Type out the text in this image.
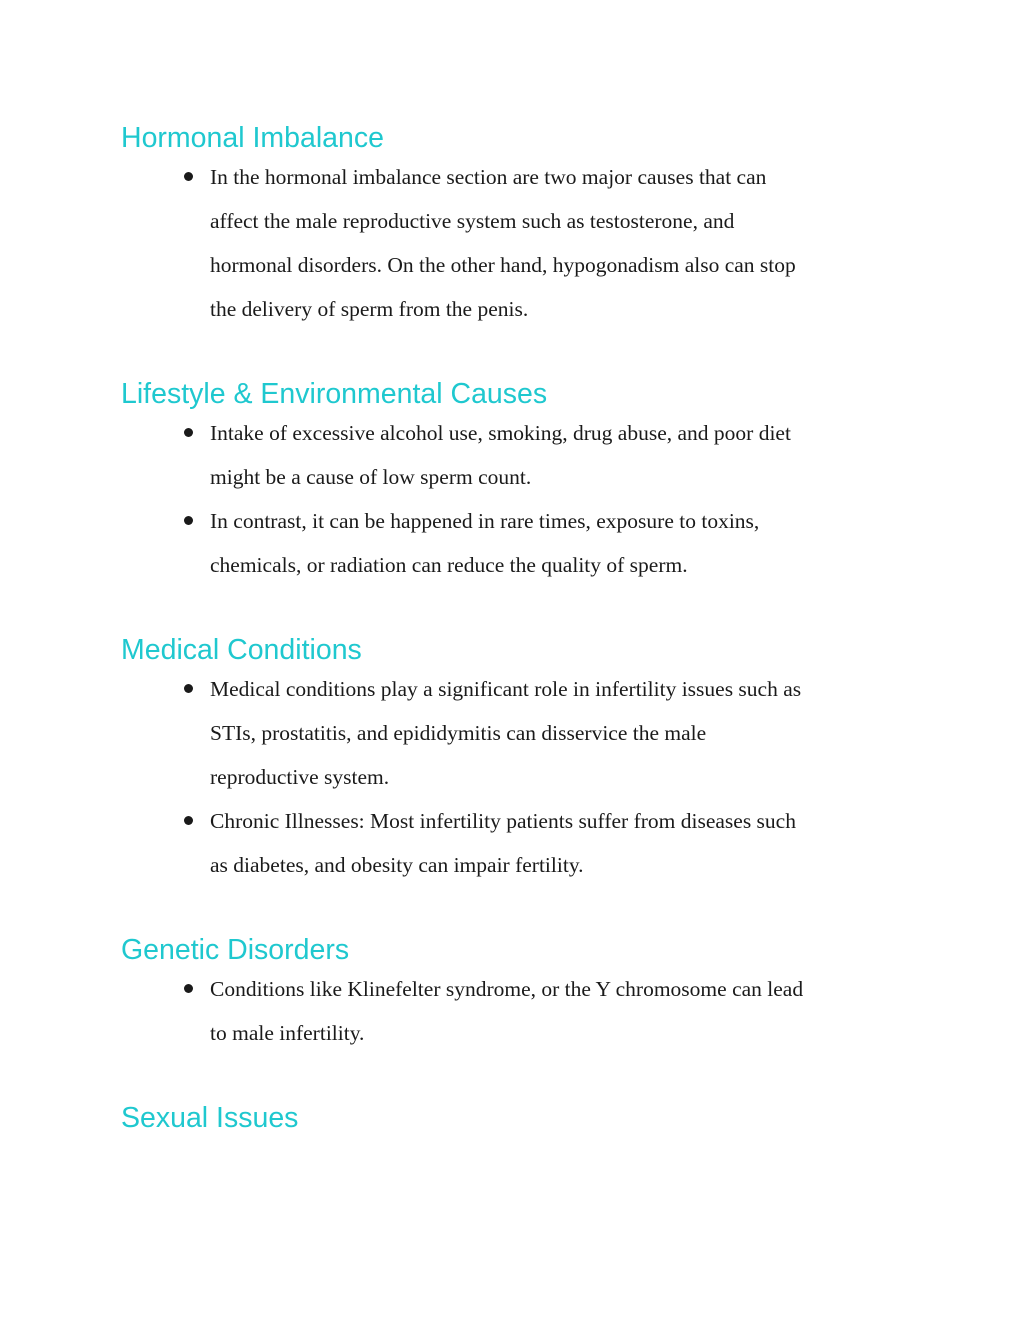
Hormonal Imbalance
In the hormonal imbalance section are two major causes that can
affect the male reproductive system such as testosterone, and
hormonal disorders. On the other hand, hypogonadism also can stop
the delivery of sperm from the penis.
Lifestyle & Environmental Causes
Intake of excessive alcohol use, smoking, drug abuse, and poor diet
might be a cause of low sperm count.
In contrast, it can be happened in rare times, exposure to toxins,
chemicals, or radiation can reduce the quality of sperm.
Medical Conditions
Medical conditions play a significant role in infertility issues such as
STIs, prostatitis, and epididymitis can disservice the male
reproductive system.
Chronic Illnesses: Most infertility patients suffer from diseases such
as diabetes, and obesity can impair fertility.
Genetic Disorders
Conditions like Klinefelter syndrome, or the Y chromosome can lead
to male infertility.
Sexual Issues
